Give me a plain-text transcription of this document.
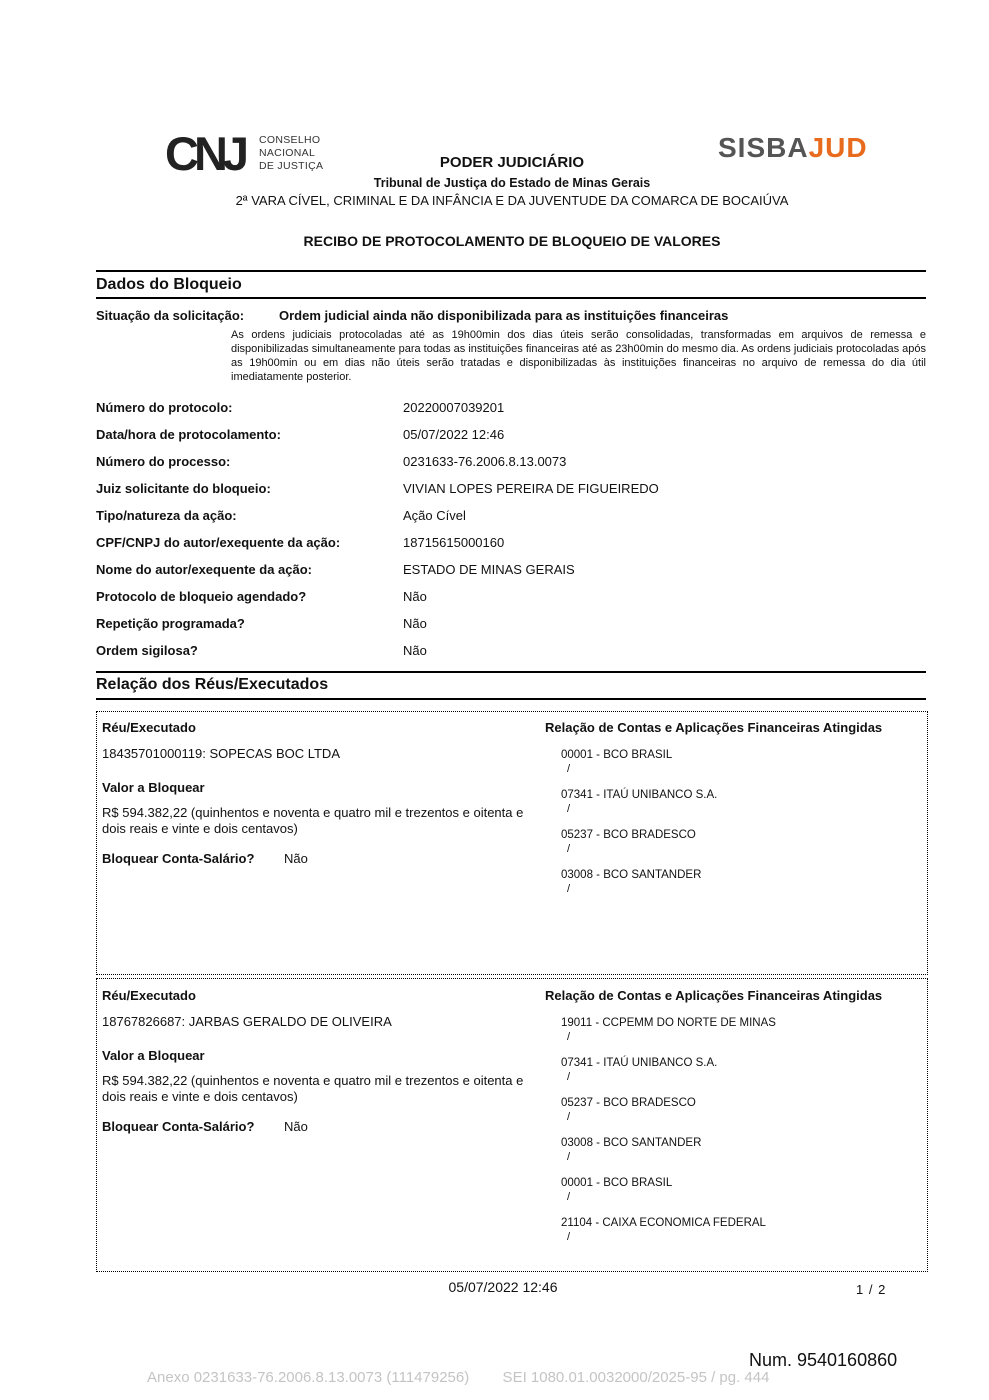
CNJ CONSELHO
NACIONAL
DE JUSTIÇA
SISBAJUD
PODER JUDICIÁRIO
Tribunal de Justiça do Estado de Minas Gerais
2ª VARA CÍVEL, CRIMINAL E DA INFÂNCIA E DA JUVENTUDE DA COMARCA DE BOCAIÚVA
RECIBO DE PROTOCOLAMENTO DE BLOQUEIO DE VALORES
Dados do Bloqueio
Situação da solicitação:	Ordem judicial ainda não disponibilizada para as instituições financeiras
As ordens judiciais protocoladas até as 19h00min dos dias úteis serão consolidadas, transformadas em arquivos de remessa e disponibilizadas simultaneamente para todas as instituições financeiras até as 23h00min do mesmo dia. As ordens judiciais protocoladas após as 19h00min ou em dias não úteis serão tratadas e disponibilizadas às instituições financeiras no arquivo de remessa do dia útil imediatamente posterior.
Número do protocolo:	20220007039201
Data/hora de protocolamento:	05/07/2022 12:46
Número do processo:	0231633-76.2006.8.13.0073
Juiz solicitante do bloqueio:	VIVIAN LOPES PEREIRA DE FIGUEIREDO
Tipo/natureza da ação:	Ação Cível
CPF/CNPJ do autor/exequente da ação:	18715615000160
Nome do autor/exequente da ação:	ESTADO DE MINAS GERAIS
Protocolo de bloqueio agendado?	Não
Repetição programada?	Não
Ordem sigilosa?	Não
Relação dos Réus/Executados
Réu/Executado	Relação de Contas e Aplicações Financeiras Atingidas
18435701000119: SOPECAS BOC LTDA
Valor a Bloquear
R$ 594.382,22 (quinhentos e noventa e quatro mil e trezentos e oitenta e dois reais e vinte e dois centavos)
Bloquear Conta-Salário? Não
00001 - BCO BRASIL
/
07341 - ITAÚ UNIBANCO S.A.
/
05237 - BCO BRADESCO
/
03008 - BCO SANTANDER
/
Réu/Executado	Relação de Contas e Aplicações Financeiras Atingidas
18767826687: JARBAS GERALDO DE OLIVEIRA
Valor a Bloquear
R$ 594.382,22 (quinhentos e noventa e quatro mil e trezentos e oitenta e dois reais e vinte e dois centavos)
Bloquear Conta-Salário? Não
19011 - CCPEMM DO NORTE DE MINAS
/
07341 - ITAÚ UNIBANCO S.A.
/
05237 - BCO BRADESCO
/
03008 - BCO SANTANDER
/
00001 - BCO BRASIL
/
21104 - CAIXA ECONOMICA FEDERAL
/
05/07/2022 12:46	1 / 2
Num. 9540160860
Anexo 0231633-76.2006.8.13.0073 (111479256)        SEI 1080.01.0032000/2025-95 / pg. 444
